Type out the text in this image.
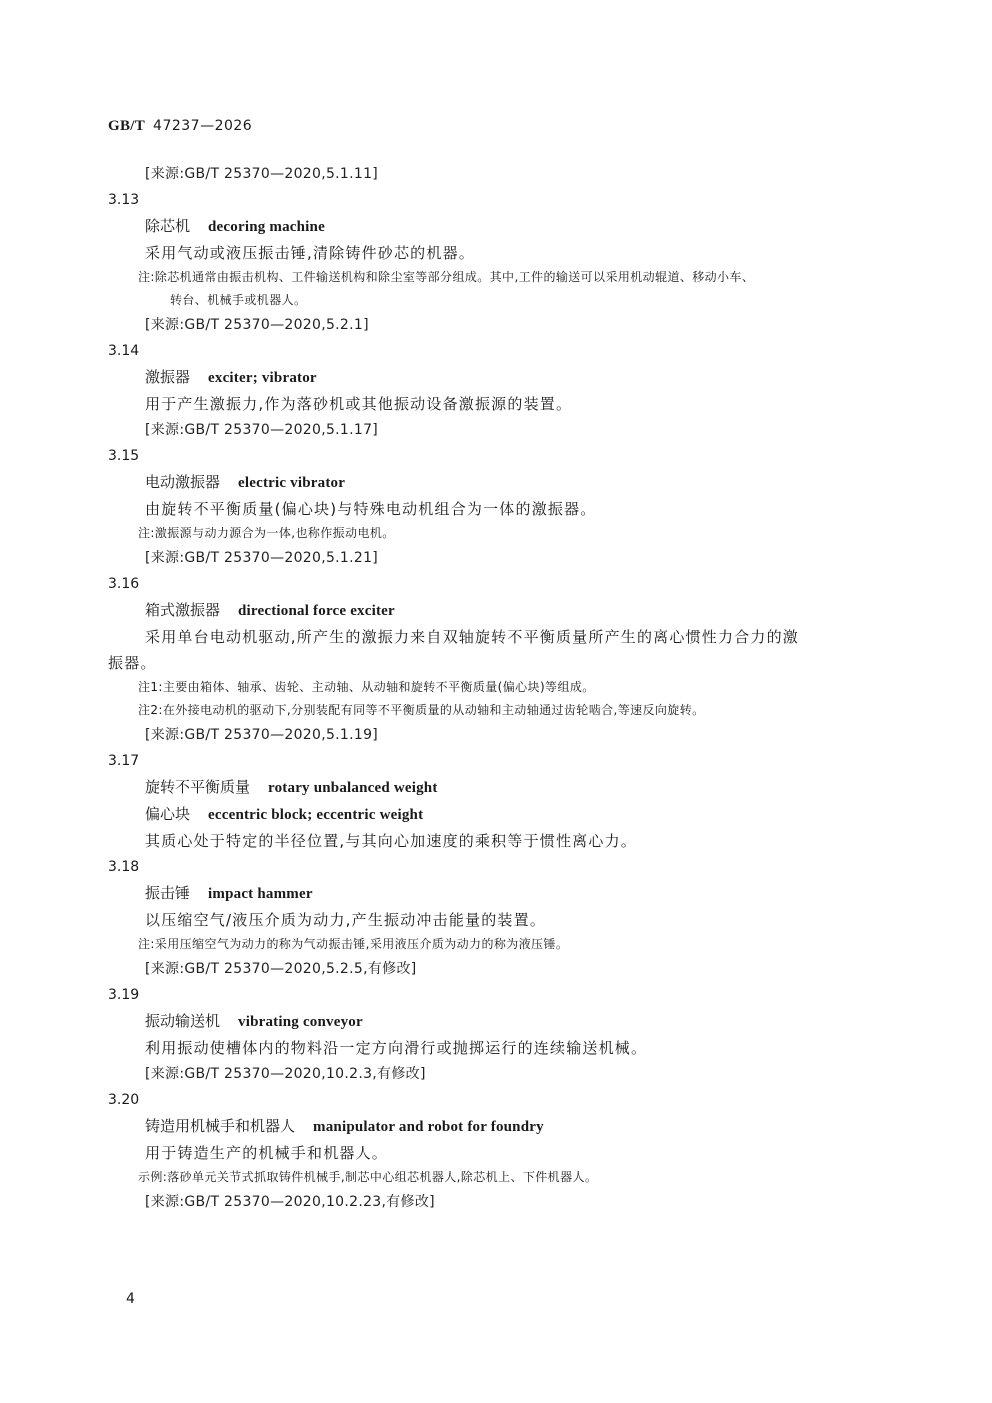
GB/T 47237—2026
[来源:GB/T 25370—2020,5.1.11]
3.13
除芯机 decoring machine
采用气动或液压振击锤,清除铸件砂芯的机器。
注:除芯机通常由振击机构、工件输送机构和除尘室等部分组成。其中,工件的输送可以采用机动辊道、移动小车、
转台、机械手或机器人。
[来源:GB/T 25370—2020,5.2.1]
3.14
激振器 exciter; vibrator
用于产生激振力,作为落砂机或其他振动设备激振源的装置。
[来源:GB/T 25370—2020,5.1.17]
3.15
电动激振器 electric vibrator
由旋转不平衡质量(偏心块)与特殊电动机组合为一体的激振器。
注:激振源与动力源合为一体,也称作振动电机。
[来源:GB/T 25370—2020,5.1.21]
3.16
箱式激振器 directional force exciter
采用单台电动机驱动,所产生的激振力来自双轴旋转不平衡质量所产生的离心惯性力合力的激
振器。
注1:主要由箱体、轴承、齿轮、主动轴、从动轴和旋转不平衡质量(偏心块)等组成。
注2:在外接电动机的驱动下,分别装配有同等不平衡质量的从动轴和主动轴通过齿轮啮合,等速反向旋转。
[来源:GB/T 25370—2020,5.1.19]
3.17
旋转不平衡质量 rotary unbalanced weight
偏心块 eccentric block; eccentric weight
其质心处于特定的半径位置,与其向心加速度的乘积等于惯性离心力。
3.18
振击锤 impact hammer
以压缩空气/液压介质为动力,产生振动冲击能量的装置。
注:采用压缩空气为动力的称为气动振击锤,采用液压介质为动力的称为液压锤。
[来源:GB/T 25370—2020,5.2.5,有修改]
3.19
振动输送机 vibrating conveyor
利用振动使槽体内的物料沿一定方向滑行或抛掷运行的连续输送机械。
[来源:GB/T 25370—2020,10.2.3,有修改]
3.20
铸造用机械手和机器人 manipulator and robot for foundry
用于铸造生产的机械手和机器人。
示例:落砂单元关节式抓取铸件机械手,制芯中心组芯机器人,除芯机上、下件机器人。
[来源:GB/T 25370—2020,10.2.23,有修改]
4
